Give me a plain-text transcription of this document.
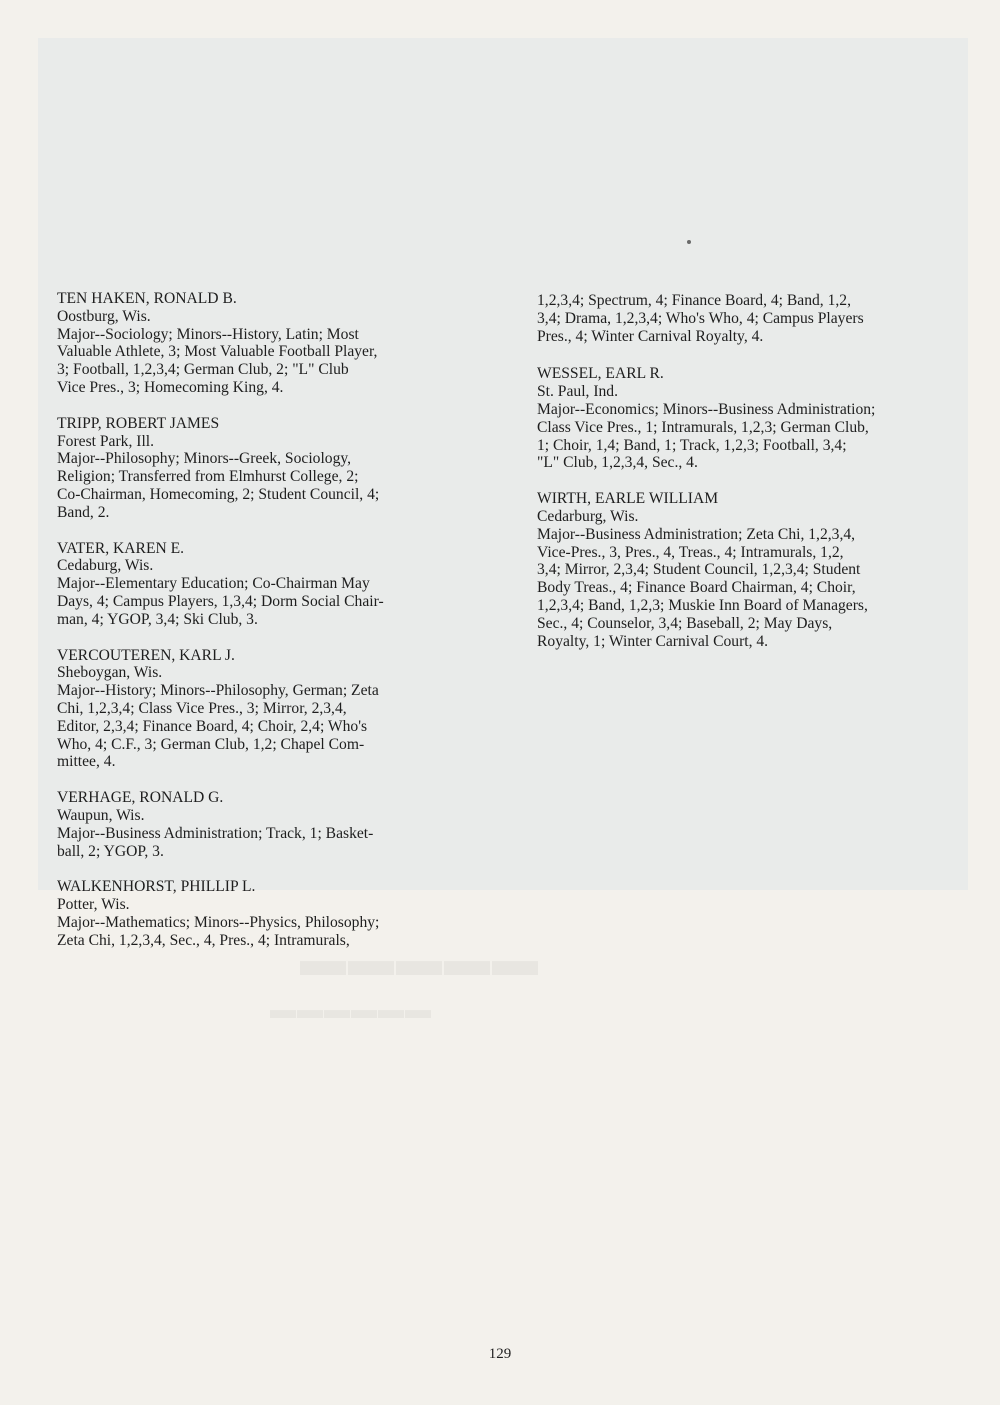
▬▬▬▬▬
▬▬▬▬▬▬
TEN HAKEN, RONALD B.
Oostburg, Wis.
Major--Sociology; Minors--History, Latin; Most
Valuable Athlete, 3; Most Valuable Football Player,
3; Football, 1,2,3,4; German Club, 2; "L" Club
Vice Pres., 3; Homecoming King, 4.
TRIPP, ROBERT JAMES
Forest Park, Ill.
Major--Philosophy; Minors--Greek, Sociology,
Religion; Transferred from Elmhurst College, 2;
Co-Chairman, Homecoming, 2; Student Council, 4;
Band, 2.
VATER, KAREN E.
Cedaburg, Wis.
Major--Elementary Education; Co-Chairman May
Days, 4; Campus Players, 1,3,4; Dorm Social Chair-
man, 4; YGOP, 3,4; Ski Club, 3.
VERCOUTEREN, KARL J.
Sheboygan, Wis.
Major--History; Minors--Philosophy, German; Zeta
Chi, 1,2,3,4; Class Vice Pres., 3; Mirror, 2,3,4,
Editor, 2,3,4; Finance Board, 4; Choir, 2,4; Who's
Who, 4; C.F., 3; German Club, 1,2; Chapel Com-
mittee, 4.
VERHAGE, RONALD G.
Waupun, Wis.
Major--Business Administration; Track, 1; Basket-
ball, 2; YGOP, 3.
WALKENHORST, PHILLIP L.
Potter, Wis.
Major--Mathematics; Minors--Physics, Philosophy;
Zeta Chi, 1,2,3,4, Sec., 4, Pres., 4; Intramurals,
1,2,3,4; Spectrum, 4; Finance Board, 4; Band, 1,2,
3,4; Drama, 1,2,3,4; Who's Who, 4; Campus Players
Pres., 4; Winter Carnival Royalty, 4.
WESSEL, EARL R.
St. Paul, Ind.
Major--Economics; Minors--Business Administration;
Class Vice Pres., 1; Intramurals, 1,2,3; German Club,
1; Choir, 1,4; Band, 1; Track, 1,2,3; Football, 3,4;
"L" Club, 1,2,3,4, Sec., 4.
WIRTH, EARLE WILLIAM
Cedarburg, Wis.
Major--Business Administration; Zeta Chi, 1,2,3,4,
Vice-Pres., 3, Pres., 4, Treas., 4; Intramurals, 1,2,
3,4; Mirror, 2,3,4; Student Council, 1,2,3,4; Student
Body Treas., 4; Finance Board Chairman, 4; Choir,
1,2,3,4; Band, 1,2,3; Muskie Inn Board of Managers,
Sec., 4; Counselor, 3,4; Baseball, 2; May Days,
Royalty, 1; Winter Carnival Court, 4.
129
